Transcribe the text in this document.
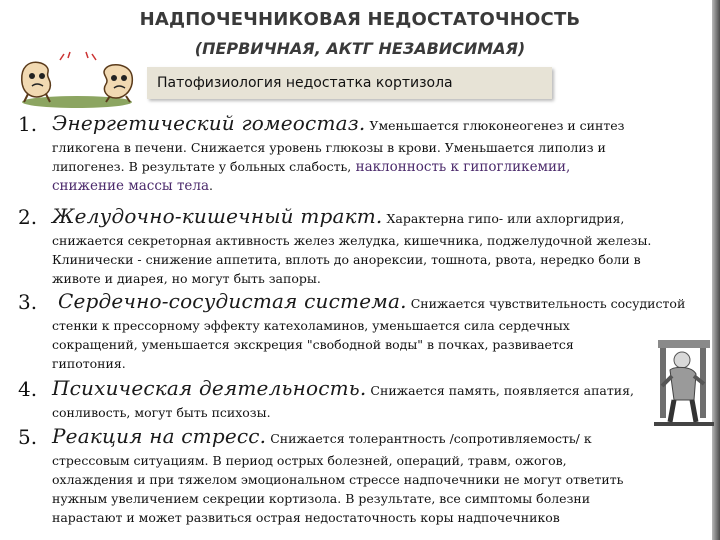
НАДПОЧЕЧНИКОВАЯ НЕДОСТАТОЧНОСТЬ
(ПЕРВИЧНАЯ, АКТГ НЕЗАВИСИМАЯ)
Патофизиология недостатка кортизола
1. Энергетический гомеостаз. Уменьшается глюконеогенез и синтез
гликогена в печени. Снижается уровень глюкозы в крови. Уменьшается липолиз и
липогенез. В результате у больных слабость, наклонность к гипогликемии,
снижение массы тела.
2. Желудочно-кишечный тракт. Характерна гипо- или ахлоргидрия,
снижается секреторная активность желез желудка, кишечника, поджелудочной железы.
Клинически - снижение аппетита, вплоть до анорексии, тошнота, рвота, нередко боли в
животе и диарея, но могут быть запоры.
3. Сердечно-сосудистая система. Снижается чувствительность сосудистой
стенки к прессорному эффекту катехоламинов, уменьшается сила сердечных
сокращений, уменьшается экскреция "свободной воды" в почках, развивается
гипотония.
4. Психическая деятельность. Снижается память, появляется апатия,
сонливость, могут быть психозы.
5. Реакция на стресс. Снижается толерантность /сопротивляемость/ к
стрессовым ситуациям. В период острых болезней, операций, травм, ожогов,
охлаждения и при тяжелом эмоциональном стрессе надпочечники не могут ответить
нужным увеличением секреции кортизола. В результате, все симптомы болезни
нарастают и может развиться острая недостаточность коры надпочечников
